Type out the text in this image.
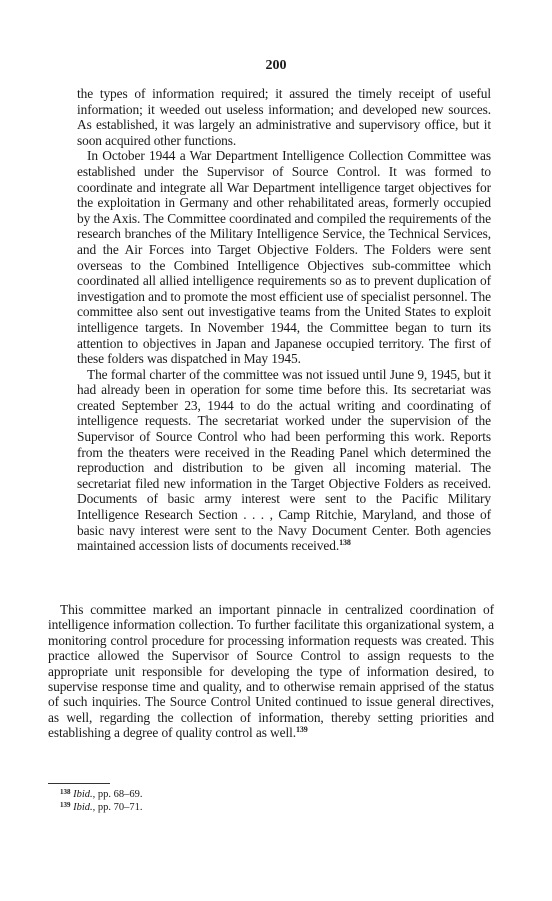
200

the types of information required; it assured the timely receipt of useful information; it weeded out useless information; and developed new sources. As established, it was largely an administrative and supervisory office, but it soon acquired other functions.

In October 1944 a War Department Intelligence Collection Committee was established under the Supervisor of Source Control. It was formed to coordinate and integrate all War Department intelligence target objectives for the exploitation in Germany and other rehabilitated areas, formerly occupied by the Axis. The Committee coordinated and compiled the requirements of the research branches of the Military Intelligence Service, the Technical Services, and the Air Forces into Target Objective Folders. The Folders were sent overseas to the Combined Intelligence Objectives sub-committee which coordinated all allied intelligence requirements so as to prevent duplication of investigation and to promote the most efficient use of specialist personnel. The committee also sent out investigative teams from the United States to exploit intelligence targets. In November 1944, the Committee began to turn its attention to objectives in Japan and Japanese occupied territory. The first of these folders was dispatched in May 1945.

The formal charter of the committee was not issued until June 9, 1945, but it had already been in operation for some time before this. Its secretariat was created September 23, 1944 to do the actual writing and coordinating of intelligence requests. The secretariat worked under the supervision of the Supervisor of Source Control who had been performing this work. Reports from the theaters were received in the Reading Panel which determined the reproduction and distribution to be given all incoming material. The secretariat filed new information in the Target Objective Folders as received. Documents of basic army interest were sent to the Pacific Military Intelligence Research Section . . . , Camp Ritchie, Maryland, and those of basic navy interest were sent to the Navy Document Center. Both agencies maintained accession lists of documents received.$^{138}$

This committee marked an important pinnacle in centralized coordination of intelligence information collection. To further facilitate this organizational system, a monitoring control procedure for processing information requests was created. This practice allowed the Supervisor of Source Control to assign requests to the appropriate unit responsible for developing the type of information desired, to supervise response time and quality, and to otherwise remain apprised of the status of such inquiries. The Source Control United continued to issue general directives, as well, regarding the collection of information, thereby setting priorities and establishing a degree of quality control as well.$^{139}$

$^{138}$ Ibid., pp. 68–69.

$^{139}$ Ibid., pp. 70–71.
